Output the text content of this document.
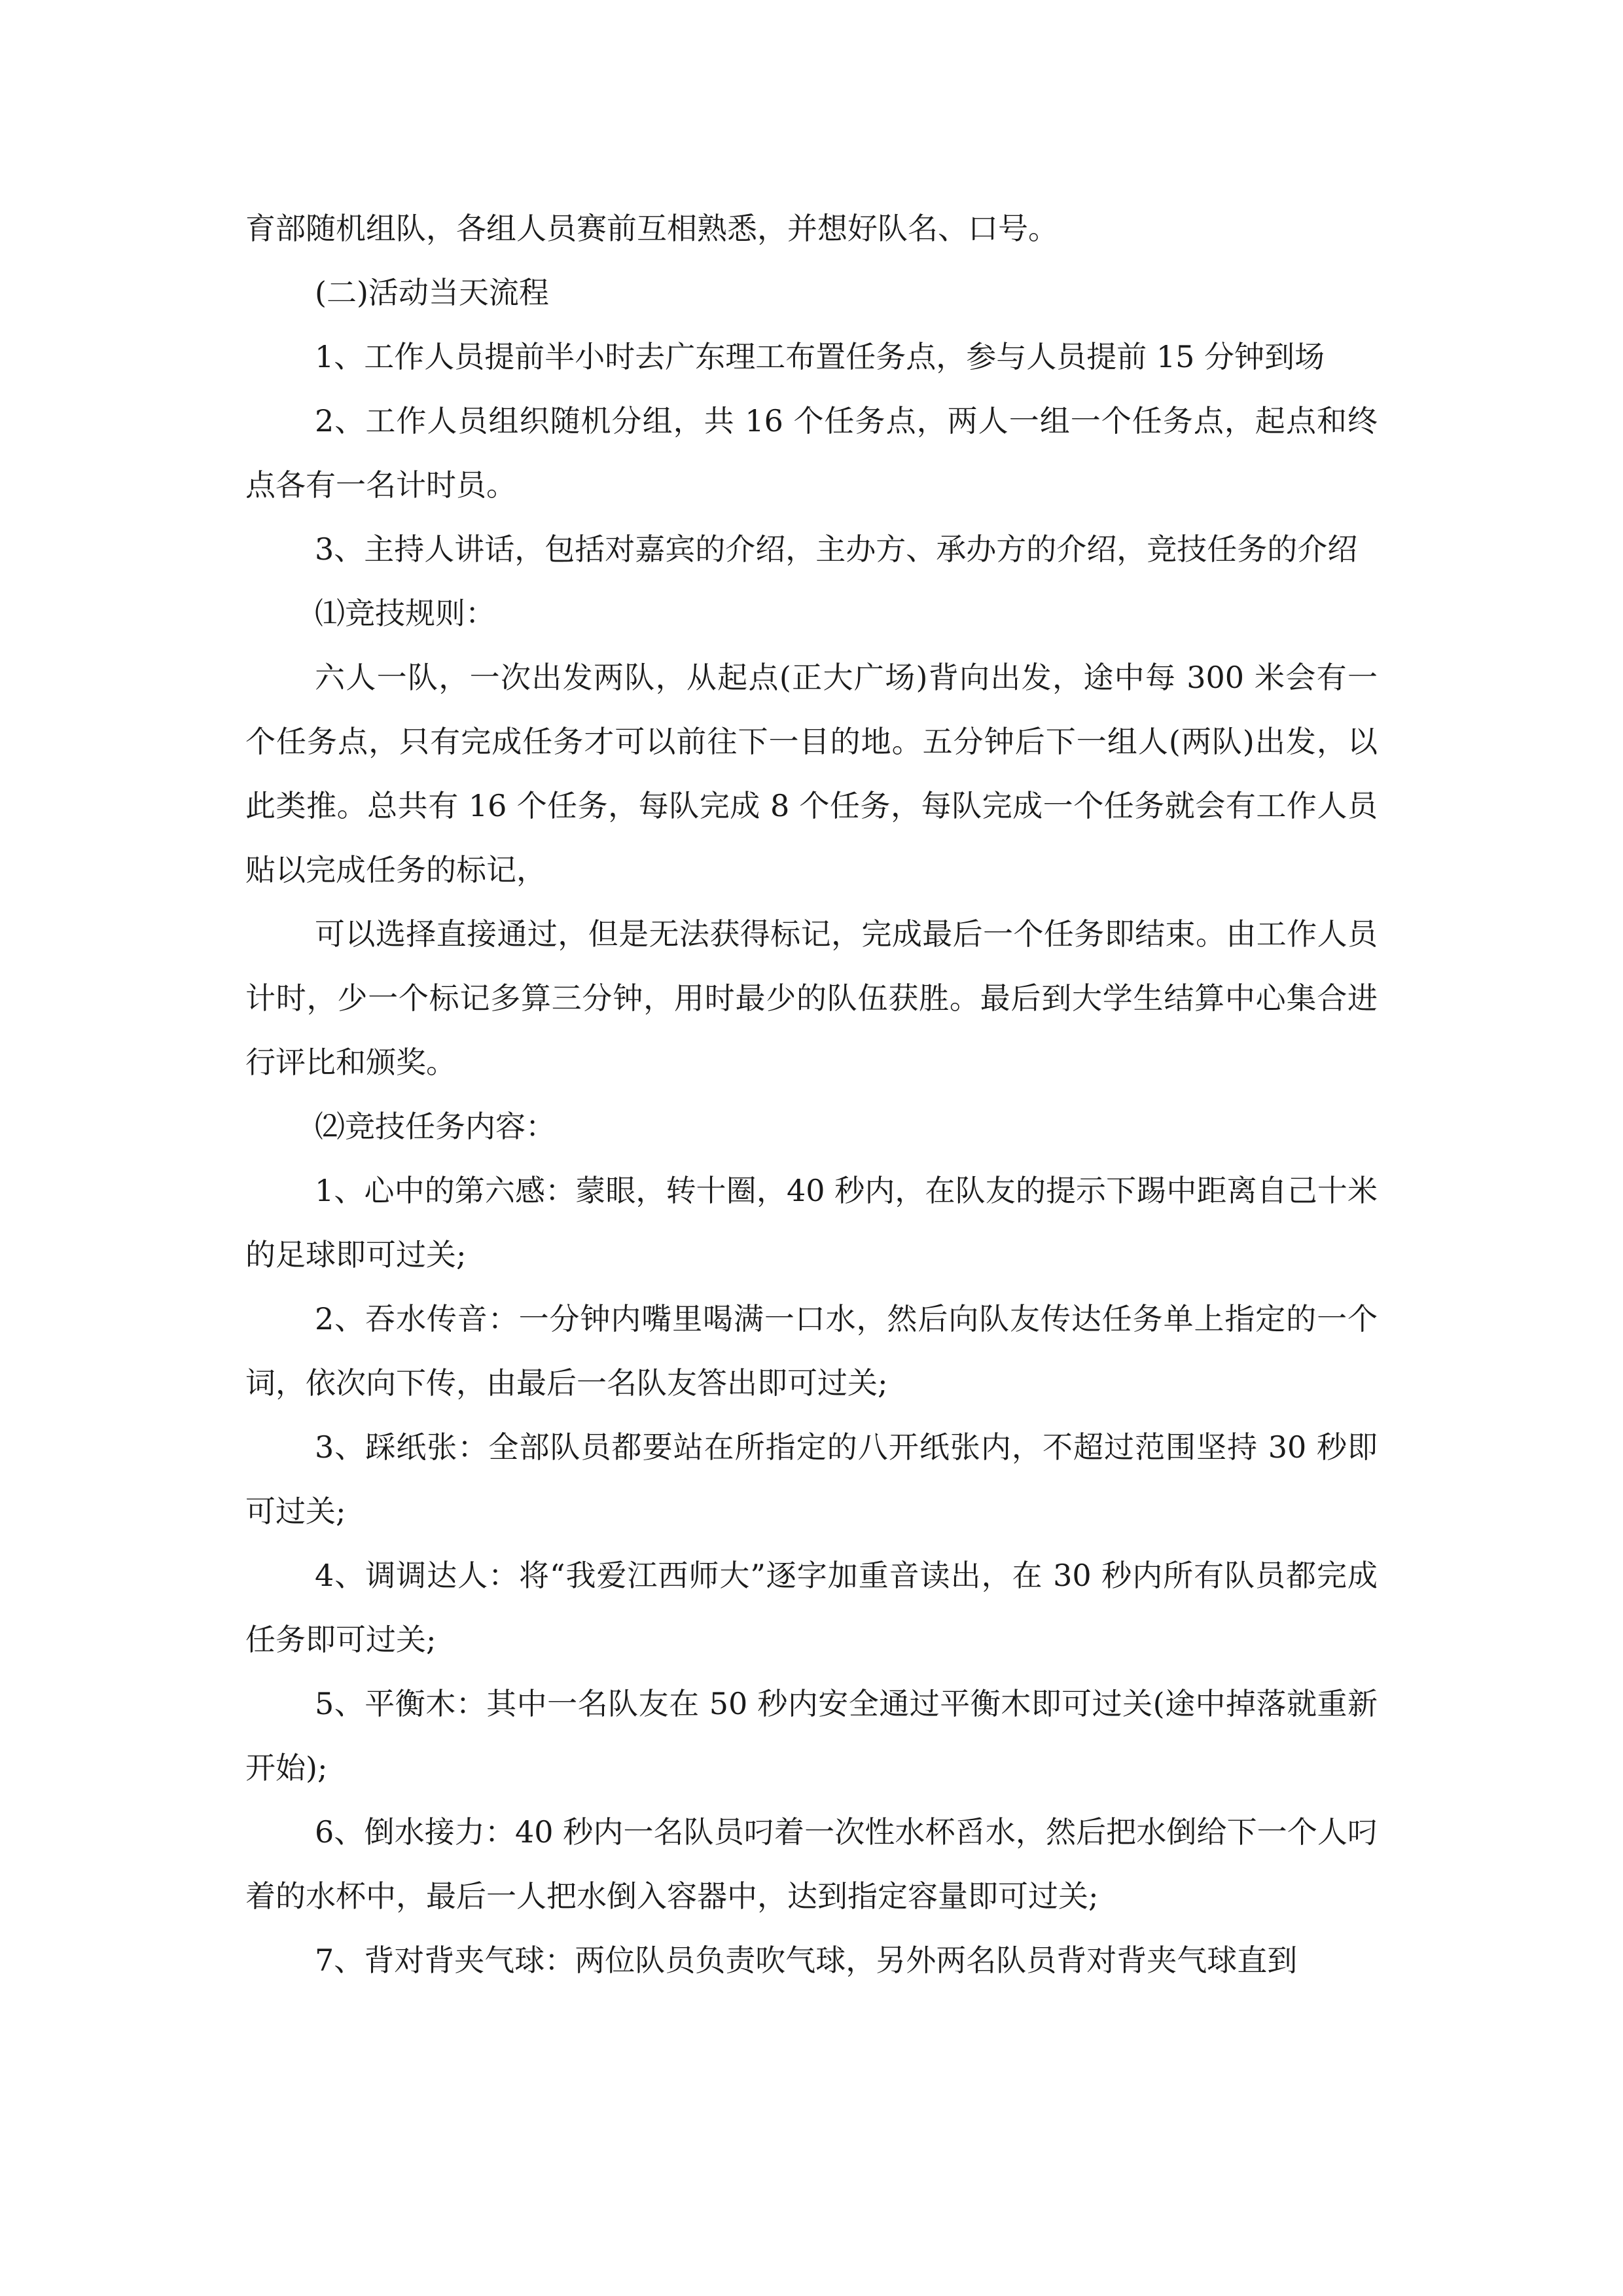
育部随机组队，各组人员赛前互相熟悉，并想好队名、口号。

(二)活动当天流程

1、工作人员提前半小时去广东理工布置任务点，参与人员提前 15 分钟到场

2、工作人员组织随机分组，共 16 个任务点，两人一组一个任务点，起点和终点各有一名计时员。

3、主持人讲话，包括对嘉宾的介绍，主办方、承办方的介绍，竞技任务的介绍

⑴竞技规则：

六人一队，一次出发两队，从起点(正大广场)背向出发，途中每 300 米会有一个任务点，只有完成任务才可以前往下一目的地。五分钟后下一组人(两队)出发，以此类推。总共有 16 个任务，每队完成 8 个任务，每队完成一个任务就会有工作人员贴以完成任务的标记，

可以选择直接通过，但是无法获得标记，完成最后一个任务即结束。由工作人员计时，少一个标记多算三分钟，用时最少的队伍获胜。最后到大学生结算中心集合进行评比和颁奖。

⑵竞技任务内容：

1、心中的第六感：蒙眼，转十圈，40 秒内，在队友的提示下踢中距离自己十米的足球即可过关;

2、吞水传音：一分钟内嘴里喝满一口水，然后向队友传达任务单上指定的一个词，依次向下传，由最后一名队友答出即可过关;

3、踩纸张：全部队员都要站在所指定的八开纸张内，不超过范围坚持 30 秒即可过关;

4、调调达人：将“我爱江西师大”逐字加重音读出，在 30 秒内所有队员都完成任务即可过关;

5、平衡木：其中一名队友在 50 秒内安全通过平衡木即可过关(途中掉落就重新开始);

6、倒水接力：40 秒内一名队员叼着一次性水杯舀水，然后把水倒给下一个人叼着的水杯中，最后一人把水倒入容器中，达到指定容量即可过关;

7、背对背夹气球：两位队员负责吹气球，另外两名队员背对背夹气球直到
